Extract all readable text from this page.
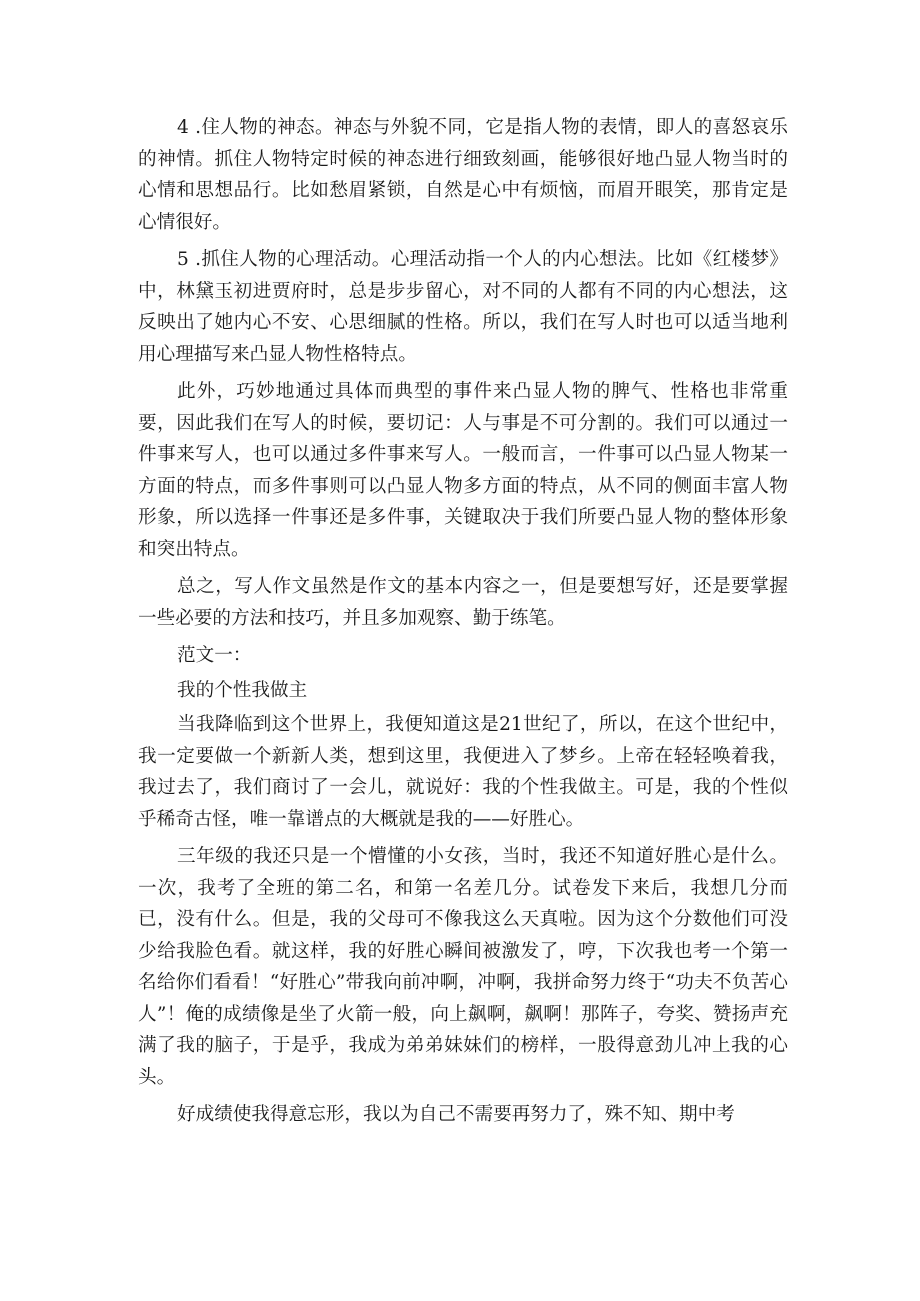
4 .住人物的神态。神态与外貌不同，它是指人物的表情，即人的喜怒哀乐的神情。抓住人物特定时候的神态进行细致刻画，能够很好地凸显人物当时的心情和思想品行。比如愁眉紧锁，自然是心中有烦恼，而眉开眼笑，那肯定是心情很好。

5 .抓住人物的心理活动。心理活动指一个人的内心想法。比如《红楼梦》中，林黛玉初进贾府时，总是步步留心，对不同的人都有不同的内心想法，这反映出了她内心不安、心思细腻的性格。所以，我们在写人时也可以适当地利用心理描写来凸显人物性格特点。

此外，巧妙地通过具体而典型的事件来凸显人物的脾气、性格也非常重要，因此我们在写人的时候，要切记：人与事是不可分割的。我们可以通过一件事来写人，也可以通过多件事来写人。一般而言，一件事可以凸显人物某一方面的特点，而多件事则可以凸显人物多方面的特点，从不同的侧面丰富人物形象，所以选择一件事还是多件事，关键取决于我们所要凸显人物的整体形象和突出特点。

总之，写人作文虽然是作文的基本内容之一，但是要想写好，还是要掌握一些必要的方法和技巧，并且多加观察、勤于练笔。

范文一：

我的个性我做主

当我降临到这个世界上，我便知道这是21世纪了，所以，在这个世纪中，我一定要做一个新新人类，想到这里，我便进入了梦乡。上帝在轻轻唤着我，我过去了，我们商讨了一会儿，就说好：我的个性我做主。可是，我的个性似乎稀奇古怪，唯一靠谱点的大概就是我的——好胜心。

三年级的我还只是一个懵懂的小女孩，当时，我还不知道好胜心是什么。一次，我考了全班的第二名，和第一名差几分。试卷发下来后，我想几分而已，没有什么。但是，我的父母可不像我这么天真啦。因为这个分数他们可没少给我脸色看。就这样，我的好胜心瞬间被激发了，哼，下次我也考一个第一名给你们看看！“好胜心”带我向前冲啊，冲啊，我拼命努力终于“功夫不负苦心人”！俺的成绩像是坐了火箭一般，向上飙啊，飙啊！那阵子，夸奖、赞扬声充满了我的脑子，于是乎，我成为弟弟妹妹们的榜样，一股得意劲儿冲上我的心头。

好成绩使我得意忘形，我以为自己不需要再努力了，殊不知、期中考
